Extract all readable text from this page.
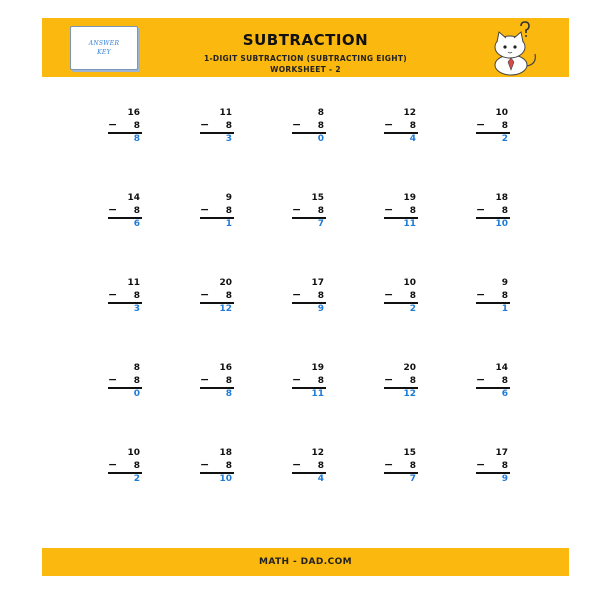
ANSWER
KEY
SUBTRACTION
1-DIGIT SUBTRACTION (SUBTRACTING EIGHT)
WORKSHEET - 2
16
− 8
8
11
− 8
3
8
− 8
0
12
− 8
4
10
− 8
2
14
− 8
6
9
− 8
1
15
− 8
7
19
− 8
11
18
− 8
10
11
− 8
3
20
− 8
12
17
− 8
9
10
− 8
2
9
− 8
1
8
− 8
0
16
− 8
8
19
− 8
11
20
− 8
12
14
− 8
6
10
− 8
2
18
− 8
10
12
− 8
4
15
− 8
7
17
− 8
9
MATH - DAD.COM
